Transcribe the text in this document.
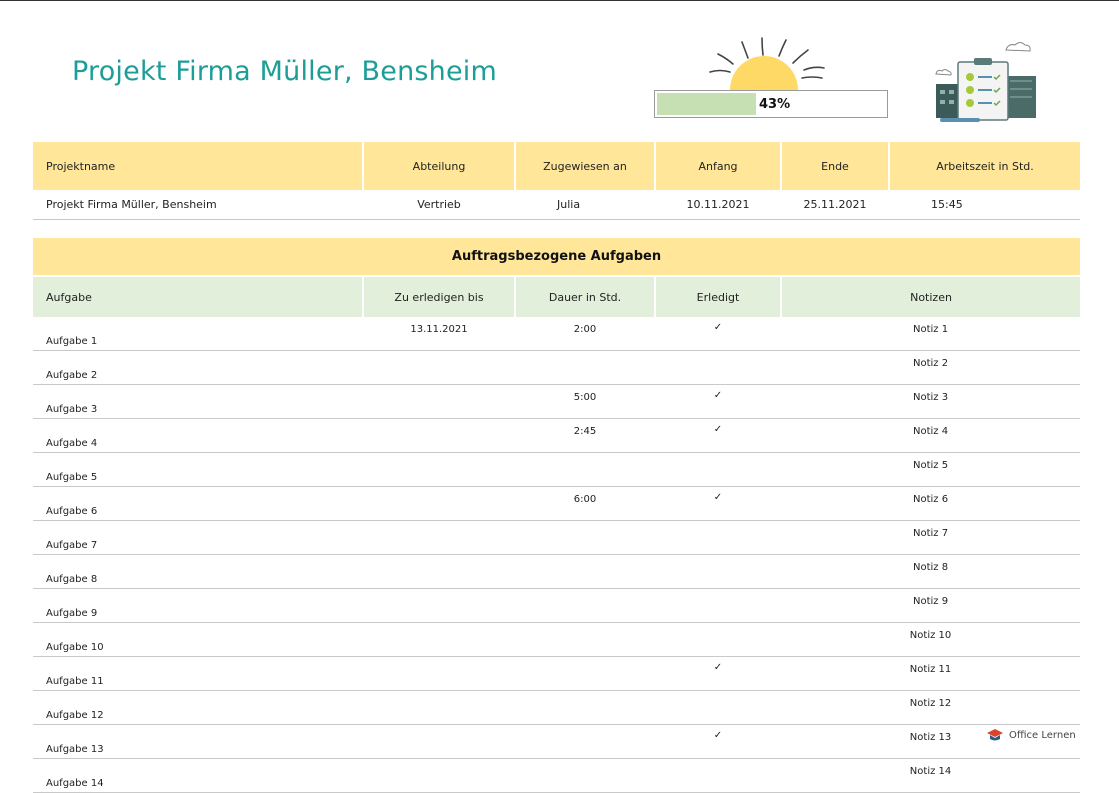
Projekt Firma Müller, Bensheim
43%
Projektname	Abteilung	Zugewiesen an	Anfang	Ende	Arbeitszeit in Std.
Projekt Firma Müller, Bensheim	Vertrieb	Julia	10.11.2021	25.11.2021	15:45
Auftragsbezogene Aufgaben				
Aufgabe	Zu erledigen bis	Dauer in Std.	Erledigt	Notizen
Aufgabe 1	13.11.2021	2:00	✓	Notiz 1
Aufgabe 2				Notiz 2
Aufgabe 3		5:00	✓	Notiz 3
Aufgabe 4		2:45	✓	Notiz 4
Aufgabe 5				Notiz 5
Aufgabe 6		6:00	✓	Notiz 6
Aufgabe 7				Notiz 7
Aufgabe 8				Notiz 8
Aufgabe 9				Notiz 9
Aufgabe 10				Notiz 10
Aufgabe 11			✓	Notiz 11
Aufgabe 12				Notiz 12
Aufgabe 13			✓	Notiz 13
Aufgabe 14				Notiz 14
Office Lernen
